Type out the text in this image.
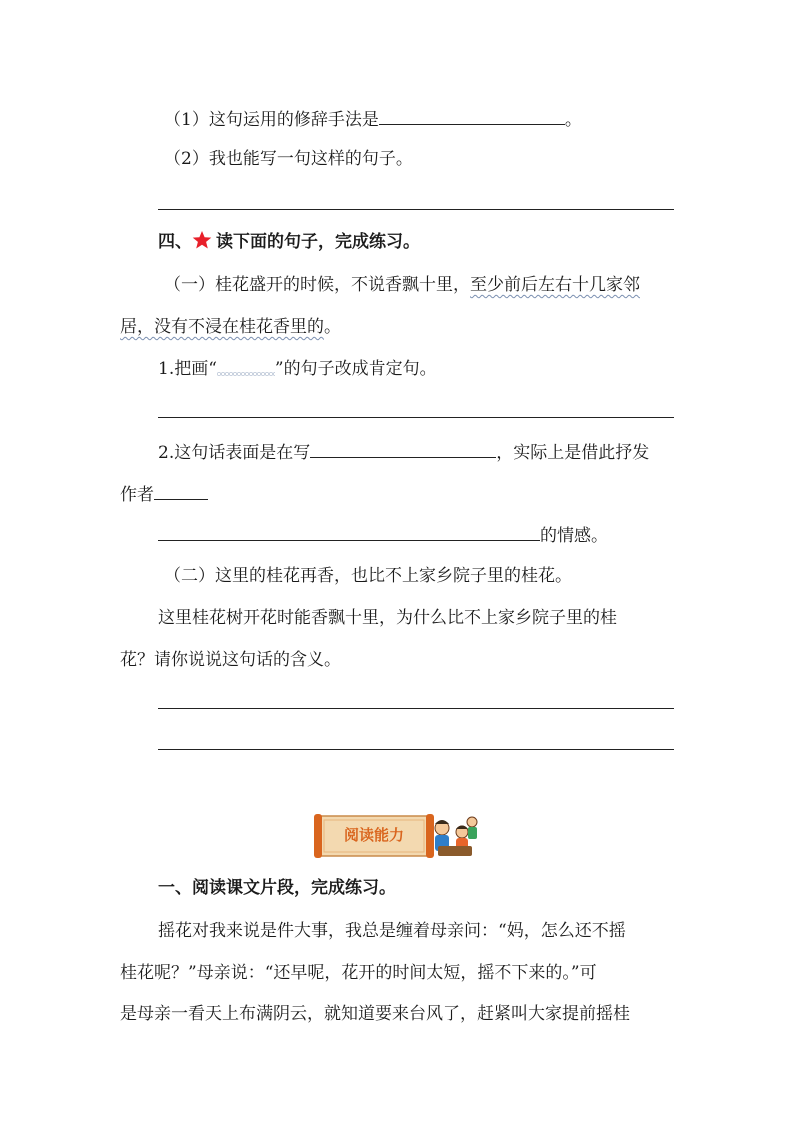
（1）这句运用的修辞手法是	。
（2）我也能写一句这样的句子。
四、 读下面的句子，完成练习。
（一）桂花盛开的时候，不说香飘十里，至少前后左右十几家邻
居，没有不浸在桂花香里的。
1.把画“	”的句子改成肯定句。
2.这句话表面是在写	，实际上是借此抒发
作者
的情感。
（二）这里的桂花再香，也比不上家乡院子里的桂花。
这里桂花树开花时能香飘十里，为什么比不上家乡院子里的桂
花？请你说说这句话的含义。
阅读能力
一、阅读课文片段，完成练习。
摇花对我来说是件大事，我总是缠着母亲问：“妈，怎么还不摇
桂花呢？”母亲说：“还早呢，花开的时间太短，摇不下来的。”可
是母亲一看天上布满阴云，就知道要来台风了，赶紧叫大家提前摇桂
